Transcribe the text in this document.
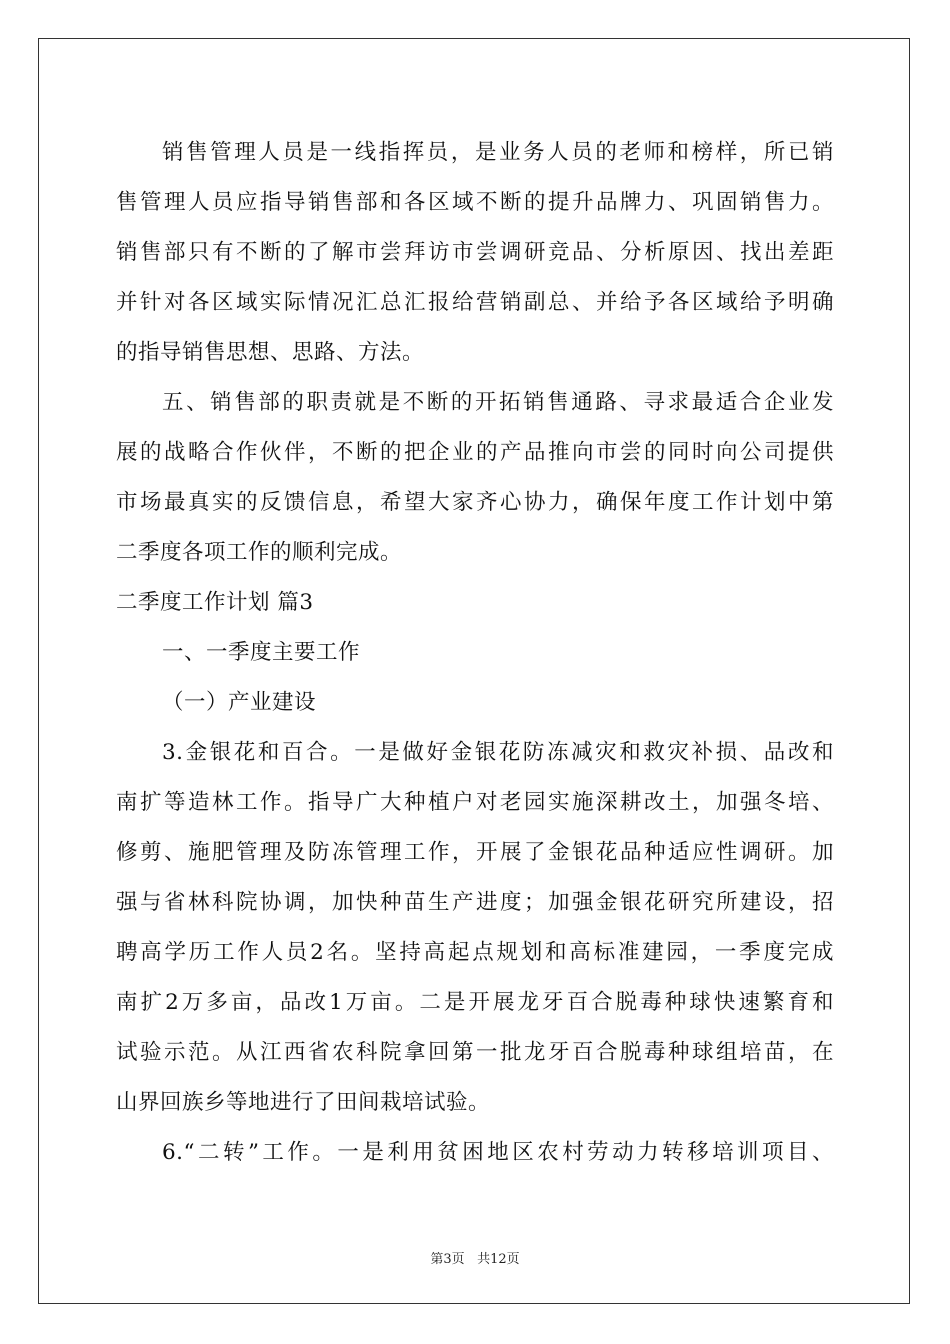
销售管理人员是一线指挥员，是业务人员的老师和榜样，所已销
售管理人员应指导销售部和各区域不断的提升品牌力、巩固销售力。
销售部只有不断的了解市尝拜访市尝调研竞品、分析原因、找出差距
并针对各区域实际情况汇总汇报给营销副总、并给予各区域给予明确
的指导销售思想、思路、方法。
五、销售部的职责就是不断的开拓销售通路、寻求最适合企业发
展的战略合作伙伴，不断的把企业的产品推向市尝的同时向公司提供
市场最真实的反馈信息，希望大家齐心协力，确保年度工作计划中第
二季度各项工作的顺利完成。
二季度工作计划 篇3
一、一季度主要工作
（一）产业建设
3.金银花和百合。一是做好金银花防冻减灾和救灾补损、品改和
南扩等造林工作。指导广大种植户对老园实施深耕改土，加强冬培、
修剪、施肥管理及防冻管理工作，开展了金银花品种适应性调研。加
强与省林科院协调，加快种苗生产进度；加强金银花研究所建设，招
聘高学历工作人员2名。坚持高起点规划和高标准建园，一季度完成
南扩2万多亩，品改1万亩。二是开展龙牙百合脱毒种球快速繁育和
试验示范。从江西省农科院拿回第一批龙牙百合脱毒种球组培苗，在
山界回族乡等地进行了田间栽培试验。
6.“二转”工作。一是利用贫困地区农村劳动力转移培训项目、
第3页 共12页
